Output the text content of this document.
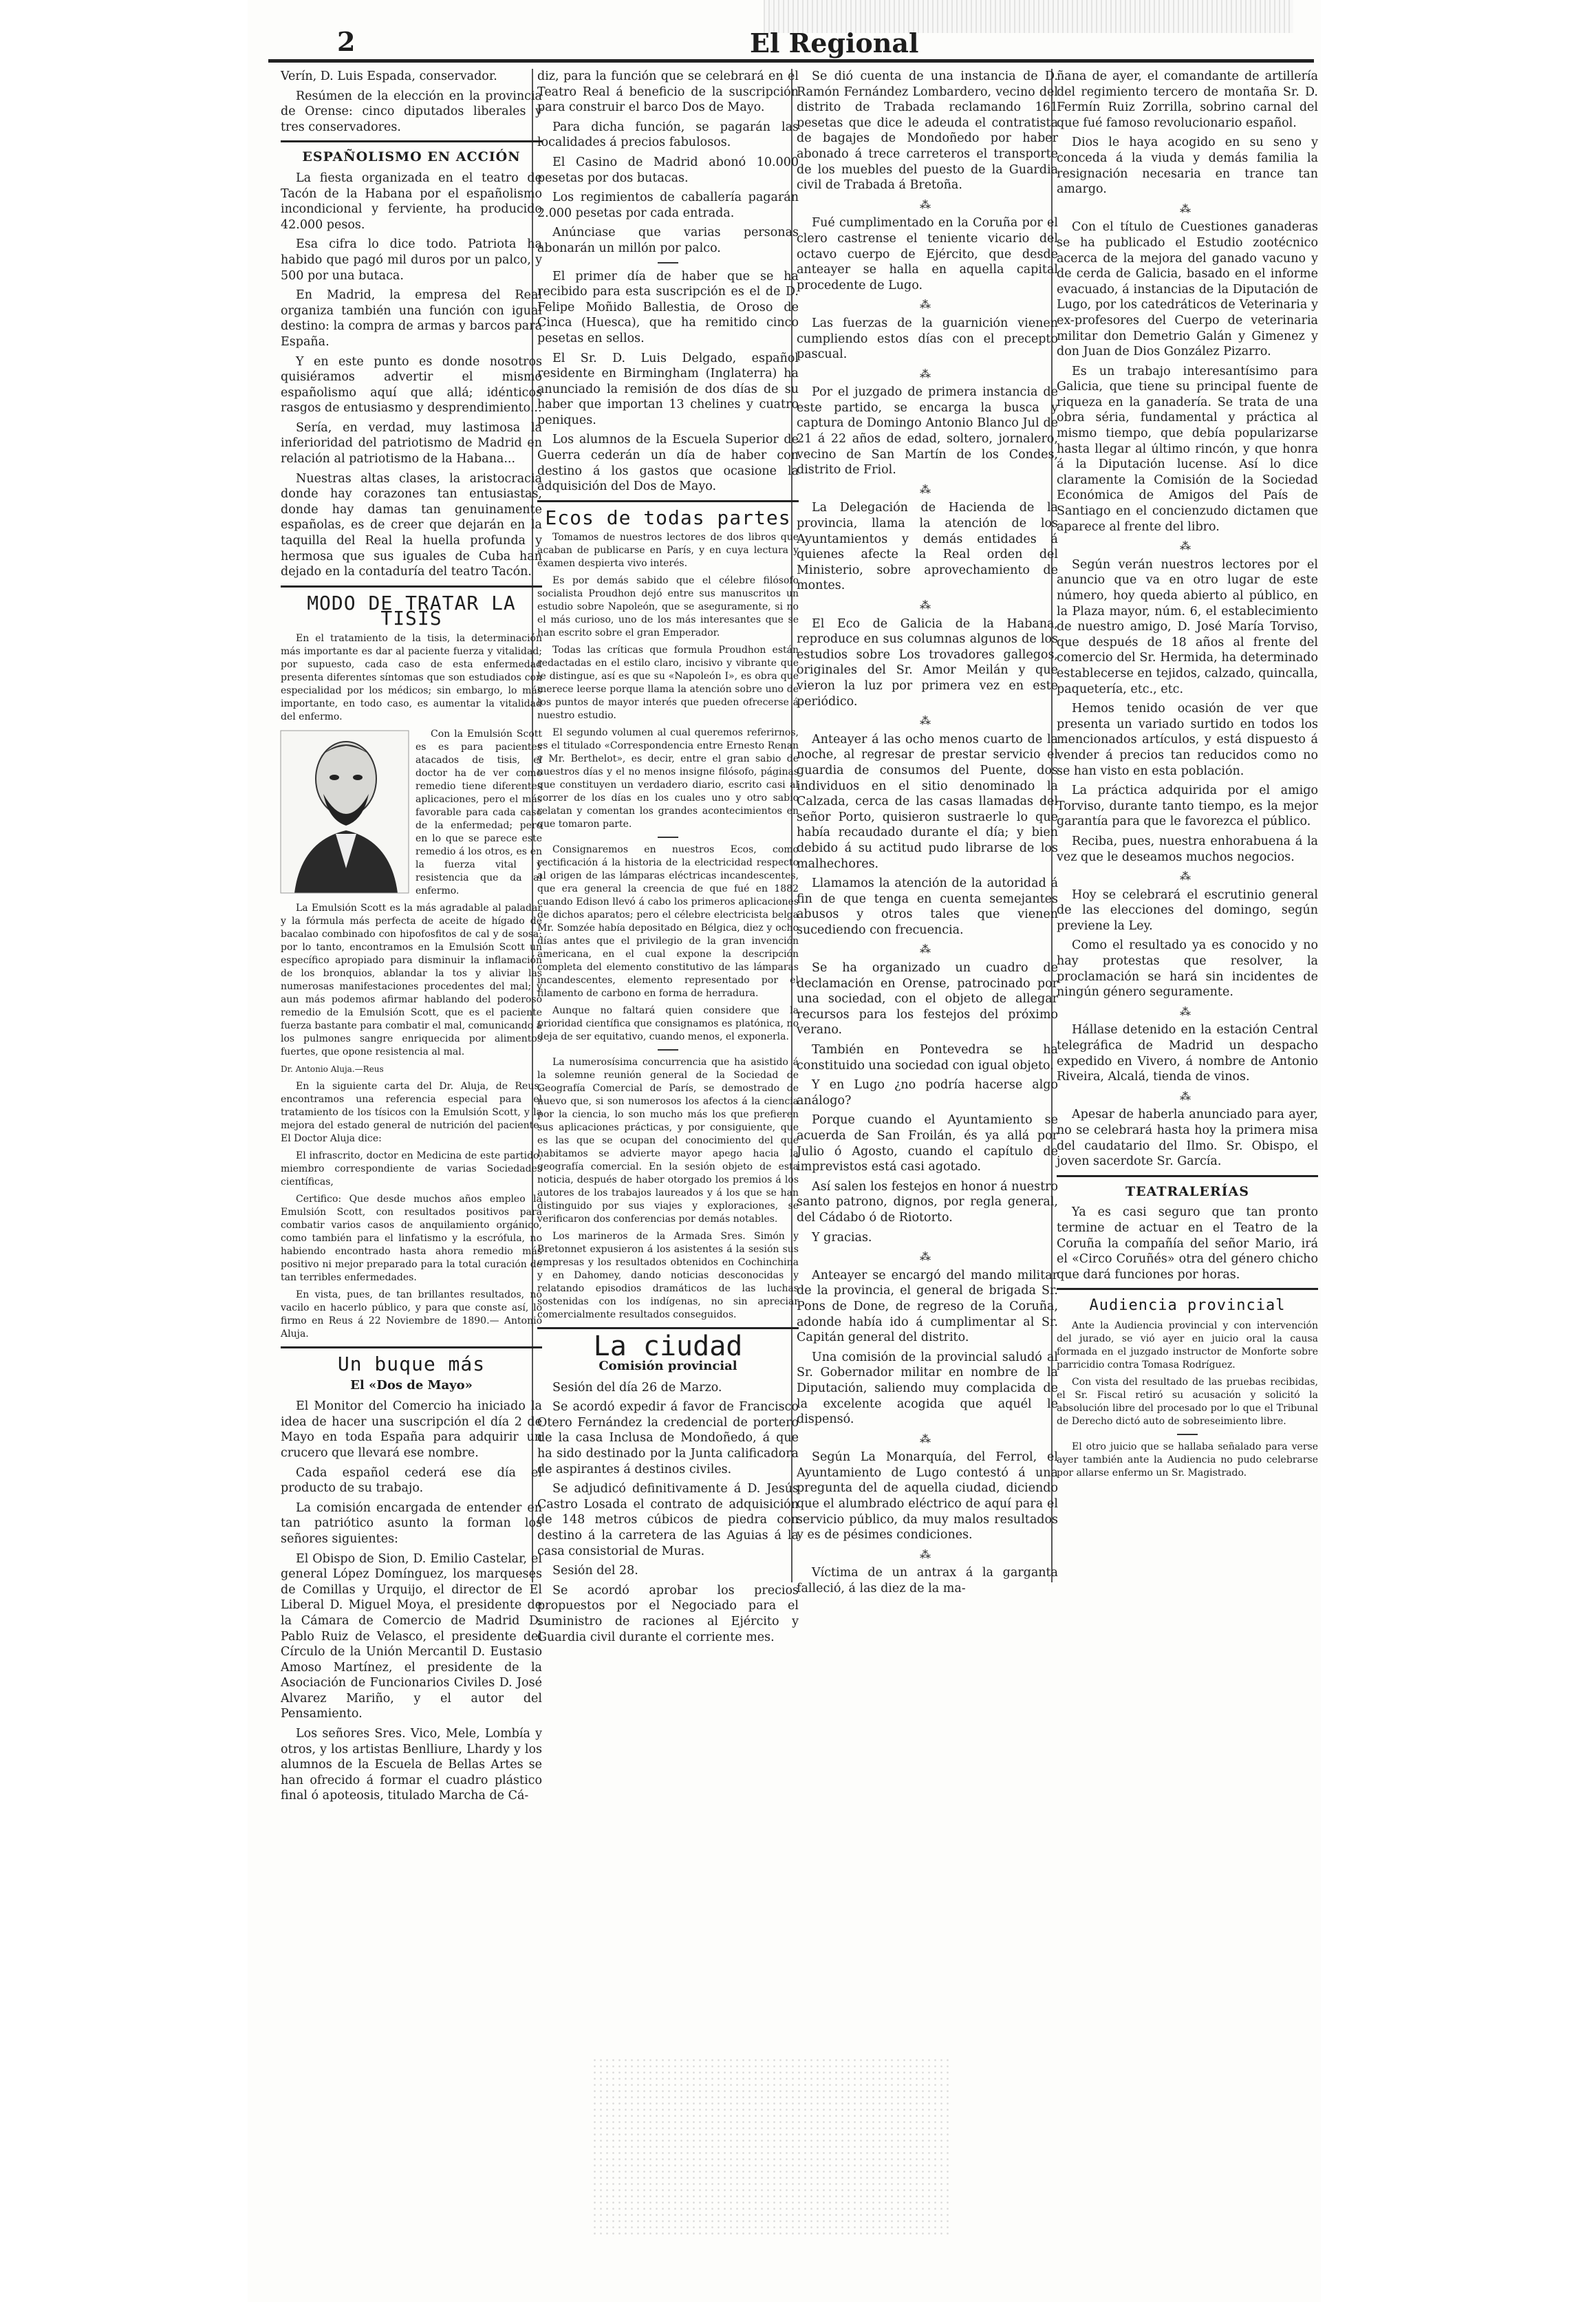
2	El Regional

Verín, D. Luis Espada, conservador.

Resúmen de la elección en la provincia de Orense: cinco diputados liberales y tres conservadores.

ESPAÑOLISMO EN ACCIÓN

La fiesta organizada en el teatro de Tacón de la Habana por el españolismo incondicional y ferviente, ha producido 42.000 pesos.

Esa cifra lo dice todo. Patriota ha habido que pagó mil duros por un palco, y 500 por una butaca.

En Madrid, la empresa del Real organiza también una función con igual destino: la compra de armas y barcos para España.

Y en este punto es donde nosotros quisiéramos advertir el mismo españolismo aquí que allá; idénticos rasgos de entusiasmo y desprendimiento...

Sería, en verdad, muy lastimosa la inferioridad del patriotismo de Madrid en relación al patriotismo de la Habana...

Nuestras altas clases, la aristocracia donde hay corazones tan entusiastas, donde hay damas tan genuinamente españolas, es de creer que dejarán en la taquilla del Real la huella profunda y hermosa que sus iguales de Cuba han dejado en la contaduría del teatro Tacón.

MODO DE TRATAR LA TISIS

En el tratamiento de la tisis, la determinación más importante es dar al paciente fuerza y vitalidad; por supuesto, cada caso de esta enfermedad presenta diferentes síntomas que son estudiados con especialidad por los médicos; sin embargo, lo más importante, en todo caso, es aumentar la vitalidad del enfermo.

Con la Emulsión Scott es es para pacientes atacados de tisis, el doctor ha de ver como remedio tiene diferentes aplicaciones, pero el más favorable para cada caso de la enfermedad; pero en lo que se parece este remedio á los otros, es en la fuerza vital y resistencia que da al enfermo.

La Emulsión Scott es la más agradable al paladar y la fórmula más perfecta de aceite de hígado de bacalao combinado con hipofosfitos de cal y de sosa; por lo tanto, encontramos en la Emulsión Scott un específico apropiado para disminuir la inflamación de los bronquios, ablandar la tos y aliviar las numerosas manifestaciones procedentes del mal; y aun más podemos afirmar hablando del poderoso remedio de la Emulsión Scott, que es el paciente fuerza bastante para combatir el mal, comunicando á los pulmones sangre enriquecida por alimentos fuertes, que opone resistencia al mal.

Dr. Antonio Aluja.—Reus

En la siguiente carta del Dr. Aluja, de Reus, encontramos una referencia especial para el tratamiento de los tísicos con la Emulsión Scott, y la mejora del estado general de nutrición del paciente. El Doctor Aluja dice:

El infrascrito, doctor en Medicina de este partido, miembro correspondiente de varias Sociedades científicas,

Certifico: Que desde muchos años empleo la Emulsión Scott, con resultados positivos para combatir varios casos de anquilamiento orgánico, como también para el linfatismo y la escrófula, no habiendo encontrado hasta ahora remedio más positivo ni mejor preparado para la total curación de tan terribles enfermedades.

En vista, pues, de tan brillantes resultados, no vacilo en hacerlo público, y para que conste así, lo firmo en Reus á 22 Noviembre de 1890.— Antonio Aluja.

Un buque más
El «Dos de Mayo»

El Monitor del Comercio ha iniciado la idea de hacer una suscripción el día 2 de Mayo en toda España para adquirir un crucero que llevará ese nombre.

Cada español cederá ese día el producto de su trabajo.

La comisión encargada de entender en tan patriótico asunto la forman los señores siguientes:

El Obispo de Sion, D. Emilio Castelar, el general López Domínguez, los marqueses de Comillas y Urquijo, el director de El Liberal D. Miguel Moya, el presidente de la Cámara de Comercio de Madrid D. Pablo Ruiz de Velasco, el presidente del Círculo de la Unión Mercantil D. Eustasio Amoso Martínez, el presidente de la Asociación de Funcionarios Civiles D. José Alvarez Mariño, y el autor del Pensamiento.

Los señores Sres. Vico, Mele, Lombía y otros, y los artistas Benlliure, Lhardy y los alumnos de la Escuela de Bellas Artes se han ofrecido á formar el cuadro plástico final ó apoteosis, titulado Marcha de Cá-

diz, para la función que se celebrará en el Teatro Real á beneficio de la suscripción para construir el barco Dos de Mayo.

Para dicha función, se pagarán las localidades á precios fabulosos.

El Casino de Madrid abonó 10.000 pesetas por dos butacas.

Los regimientos de caballería pagarán 2.000 pesetas por cada entrada.

Anúnciase que varias personas abonarán un millón por palco.

El primer día de haber que se ha recibido para esta suscripción es el de D. Felipe Moñido Ballestia, de Oroso de Cinca (Huesca), que ha remitido cinco pesetas en sellos.

El Sr. D. Luis Delgado, español residente en Birmingham (Inglaterra) ha anunciado la remisión de dos días de su haber que importan 13 chelines y cuatro peniques.

Los alumnos de la Escuela Superior de Guerra cederán un día de haber con destino á los gastos que ocasione la adquisición del Dos de Mayo.

Ecos de todas partes

Tomamos de nuestros lectores de dos libros que acaban de publicarse en París, y en cuya lectura y examen despierta vivo interés.

Es por demás sabido que el célebre filósofo socialista Proudhon dejó entre sus manuscritos un estudio sobre Napoleón, que se aseguramente, si no el más curioso, uno de los más interesantes que se han escrito sobre el gran Emperador.

Todas las críticas que formula Proudhon están redactadas en el estilo claro, incisivo y vibrante que le distingue, así es que su «Napoleón I», es obra que merece leerse porque llama la atención sobre uno de los puntos de mayor interés que pueden ofrecerse á nuestro estudio.

El segundo volumen al cual queremos referirnos, es el titulado «Correspondencia entre Ernesto Renan y Mr. Berthelot», es decir, entre el gran sabio de nuestros días y el no menos insigne filósofo, páginas que constituyen un verdadero diario, escrito casi al correr de los días en los cuales uno y otro sabio relatan y comentan los grandes acontecimientos en que tomaron parte.

Consignaremos en nuestros Ecos, como rectificación á la historia de la electricidad respecto al origen de las lámparas eléctricas incandescentes, que era general la creencia de que fué en 1882 cuando Edison llevó á cabo los primeros aplicaciones de dichos aparatos; pero el célebre electricista belga Mr. Somzée había depositado en Bélgica, diez y ocho días antes que el privilegio de la gran invención americana, en el cual expone la descripción completa del elemento constitutivo de las lámparas incandescentes, elemento representado por el filamento de carbono en forma de herradura.

Aunque no faltará quien considere que la prioridad científica que consignamos es platónica, no deja de ser equitativo, cuando menos, el exponerla.

La numerosísima concurrencia que ha asistido á la solemne reunión general de la Sociedad de Geografía Comercial de París, se demostrado de nuevo que, si son numerosos los afectos á la ciencia por la ciencia, lo son mucho más los que prefieren sus aplicaciones prácticas, y por consiguiente, que es las que se ocupan del conocimiento del que habitamos se advierte mayor apego hacia la geografía comercial. En la sesión objeto de esta noticia, después de haber otorgado los premios á los autores de los trabajos laureados y á los que se han distinguido por sus viajes y exploraciones, se verificaron dos conferencias por demás notables.

Los marineros de la Armada Sres. Simón y Bretonnet expusieron á los asistentes á la sesión sus empresas y los resultados obtenidos en Cochinchina y en Dahomey, dando noticias desconocidas y relatando episodios dramáticos de las luchas sostenidas con los indígenas, no sin apreciar comercialmente resultados conseguidos.

La ciudad
Comisión provincial

Sesión del día 26 de Marzo.

Se acordó expedir á favor de Francisco Otero Fernández la credencial de portero de la casa Inclusa de Mondoñedo, á que ha sido destinado por la Junta calificadora de aspirantes á destinos civiles.

Se adjudicó definitivamente á D. Jesús Castro Losada el contrato de adquisición de 148 metros cúbicos de piedra con destino á la carretera de las Aguias á la casa consistorial de Muras.

Sesión del 28.

Se acordó aprobar los precios propuestos por el Negociado para el suministro de raciones al Ejército y Guardia civil durante el corriente mes.

Se dió cuenta de una instancia de D. Ramón Fernández Lombardero, vecino del distrito de Trabada reclamando 161 pesetas que dice le adeuda el contratista de bagajes de Mondoñedo por haber abonado á trece carreteros el transporte de los muebles del puesto de la Guardia civil de Trabada á Bretoña.

⁂

Fué cumplimentado en la Coruña por el clero castrense el teniente vicario del octavo cuerpo de Ejército, que desde anteayer se halla en aquella capital procedente de Lugo.

⁂

Las fuerzas de la guarnición vienen cumpliendo estos días con el precepto pascual.

⁂

Por el juzgado de primera instancia de este partido, se encarga la busca y captura de Domingo Antonio Blanco Jul de 21 á 22 años de edad, soltero, jornalero, vecino de San Martín de los Condes, distrito de Friol.

⁂

La Delegación de Hacienda de la provincia, llama la atención de los Ayuntamientos y demás entidades á quienes afecte la Real orden del Ministerio, sobre aprovechamiento de montes.

⁂

El Eco de Galicia de la Habana, reproduce en sus columnas algunos de los estudios sobre Los trovadores gallegos, originales del Sr. Amor Meilán y que vieron la luz por primera vez en este periódico.

⁂

Anteayer á las ocho menos cuarto de la noche, al regresar de prestar servicio el guardia de consumos del Puente, dos individuos en el sitio denominado la Calzada, cerca de las casas llamadas del señor Porto, quisieron sustraerle lo que había recaudado durante el día; y bien debido á su actitud pudo librarse de los malhechores.

Llamamos la atención de la autoridad á fin de que tenga en cuenta semejantes abusos y otros tales que vienen sucediendo con frecuencia.

⁂

Se ha organizado un cuadro de declamación en Orense, patrocinado por una sociedad, con el objeto de allegar recursos para los festejos del próximo verano.

También en Pontevedra se ha constituido una sociedad con igual objeto.

Y en Lugo ¿no podría hacerse algo análogo?

Porque cuando el Ayuntamiento se acuerda de San Froilán, és ya allá por Julio ó Agosto, cuando el capítulo de imprevistos está casi agotado.

Así salen los festejos en honor á nuestro santo patrono, dignos, por regla general, del Cádabo ó de Riotorto.

Y gracias.

⁂

Anteayer se encargó del mando militar de la provincia, el general de brigada Sr. Pons de Done, de regreso de la Coruña, adonde había ido á cumplimentar al Sr. Capitán general del distrito.

Una comisión de la provincial saludó al Sr. Gobernador militar en nombre de la Diputación, saliendo muy complacida de la excelente acogida que aquél le dispensó.

⁂

Según La Monarquía, del Ferrol, el Ayuntamiento de Lugo contestó á una pregunta del de aquella ciudad, diciendo que el alumbrado eléctrico de aquí para el servicio público, da muy malos resultados y es de pésimes condiciones.

⁂

Víctima de un antrax á la garganta falleció, á las diez de la ma-

ñana de ayer, el comandante de artillería del regimiento tercero de montaña Sr. D. Fermín Ruiz Zorrilla, sobrino carnal del que fué famoso revolucionario español.

Dios le haya acogido en su seno y conceda á la viuda y demás familia la resignación necesaria en trance tan amargo.

⁂

Con el título de Cuestiones ganaderas se ha publicado el Estudio zootécnico acerca de la mejora del ganado vacuno y de cerda de Galicia, basado en el informe evacuado, á instancias de la Diputación de Lugo, por los catedráticos de Veterinaria y ex-profesores del Cuerpo de veterinaria militar don Demetrio Galán y Gimenez y don Juan de Dios González Pizarro.

Es un trabajo interesantísimo para Galicia, que tiene su principal fuente de riqueza en la ganadería. Se trata de una obra séria, fundamental y práctica al mismo tiempo, que debía popularizarse hasta llegar al último rincón, y que honra á la Diputación lucense. Así lo dice claramente la Comisión de la Sociedad Económica de Amigos del País de Santiago en el concienzudo dictamen que aparece al frente del libro.

⁂

Según verán nuestros lectores por el anuncio que va en otro lugar de este número, hoy queda abierto al público, en la Plaza mayor, núm. 6, el establecimiento de nuestro amigo, D. José María Torviso, que después de 18 años al frente del comercio del Sr. Hermida, ha determinado establecerse en tejidos, calzado, quincalla, paquetería, etc., etc.

Hemos tenido ocasión de ver que presenta un variado surtido en todos los mencionados artículos, y está dispuesto á vender á precios tan reducidos como no se han visto en esta población.

La práctica adquirida por el amigo Torviso, durante tanto tiempo, es la mejor garantía para que le favorezca el público.

Reciba, pues, nuestra enhorabuena á la vez que le deseamos muchos negocios.

⁂

Hoy se celebrará el escrutinio general de las elecciones del domingo, según previene la Ley.

Como el resultado ya es conocido y no hay protestas que resolver, la proclamación se hará sin incidentes de ningún género seguramente.

⁂

Hállase detenido en la estación Central telegráfica de Madrid un despacho expedido en Vivero, á nombre de Antonio Riveira, Alcalá, tienda de vinos.

⁂

Apesar de haberla anunciado para ayer, no se celebrará hasta hoy la primera misa del caudatario del Ilmo. Sr. Obispo, el joven sacerdote Sr. García.

TEATRALERÍAS

Ya es casi seguro que tan pronto termine de actuar en el Teatro de la Coruña la compañía del señor Mario, irá el «Circo Coruñés» otra del género chicho que dará funciones por horas.

Audiencia provincial

Ante la Audiencia provincial y con intervención del jurado, se vió ayer en juicio oral la causa formada en el juzgado instructor de Monforte sobre parricidio contra Tomasa Rodríguez.

Con vista del resultado de las pruebas recibidas, el Sr. Fiscal retiró su acusación y solicitó la absolución libre del procesado por lo que el Tribunal de Derecho dictó auto de sobreseimiento libre.

El otro juicio que se hallaba señalado para verse ayer también ante la Audiencia no pudo celebrarse por allarse enfermo un Sr. Magistrado.
